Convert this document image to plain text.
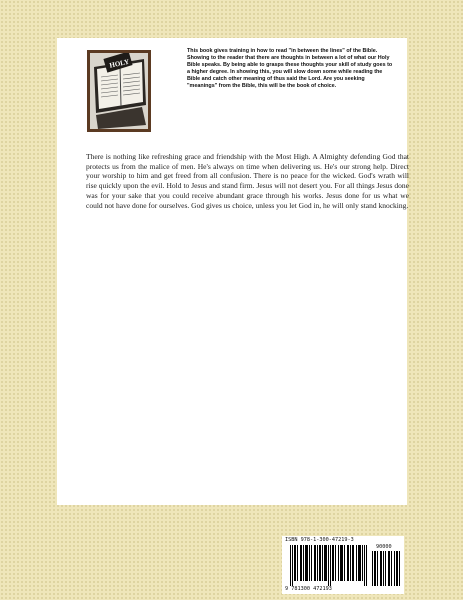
HOLY

This book gives training in how to read "in between the lines" of the Bible. Showing to the reader that there are thoughts in between a lot of what our Holy Bible speaks. By being able to grasps these thoughts your skill of study goes to a higher degree. In showing this, you will slow down some while reading the Bible and catch other meaning of thus said the Lord. Are you seeking "meanings" from the Bible, this will be the book of choice.

There is nothing like refreshing grace and friendship with the Most High. A Almighty defending God that protects us from the malice of men. He's always on time when delivering us. He's our strong help. Direct your worship to him and get freed from all confusion. There is no peace for the wicked. God's wrath will rise quickly upon the evil. Hold to Jesus and stand firm. Jesus will not desert you. For all things Jesus done was for your sake that you could receive abundant grace through his works. Jesus done for us what we could not have done for ourselves. God gives us choice, unless you let God in, he will only stand knocking.

ISBN 978-1-300-47219-3
90000
9 781300 472193
